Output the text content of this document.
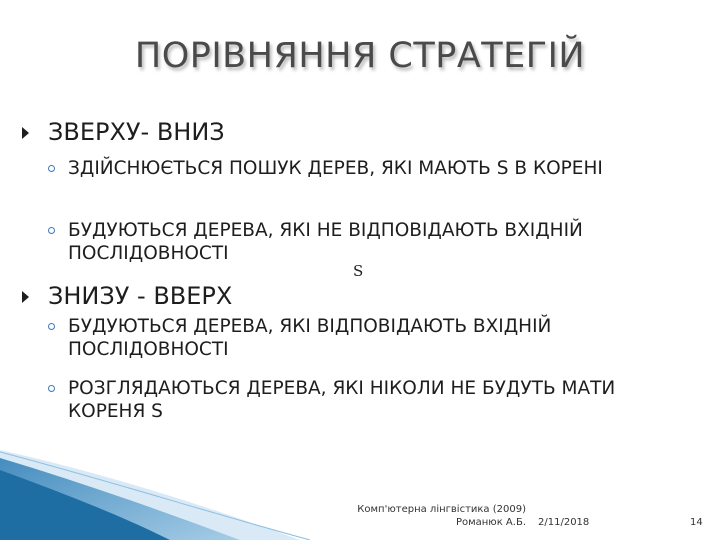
ПОРІВНЯННЯ СТРАТЕГІЙ
ЗВЕРХУ- ВНИЗ
ЗДІЙСНЮЄТЬСЯ ПОШУК ДЕРЕВ, ЯКІ МАЮТЬ S В КОРЕНІ
БУДУЮТЬСЯ ДЕРЕВА, ЯКІ НЕ ВІДПОВІДАЮТЬ ВХІДНІЙ ПОСЛІДОВНОСТІ
S
ЗНИЗУ - ВВЕРХ
БУДУЮТЬСЯ ДЕРЕВА, ЯКІ ВІДПОВІДАЮТЬ ВХІДНІЙ ПОСЛІДОВНОСТІ
РОЗГЛЯДАЮТЬСЯ ДЕРЕВА, ЯКІ НІКОЛИ НЕ БУДУТЬ МАТИ КОРЕНЯ S
Комп'ютерна лінгвістика (2009)
Романюк А.Б. 2/11/2018	14
